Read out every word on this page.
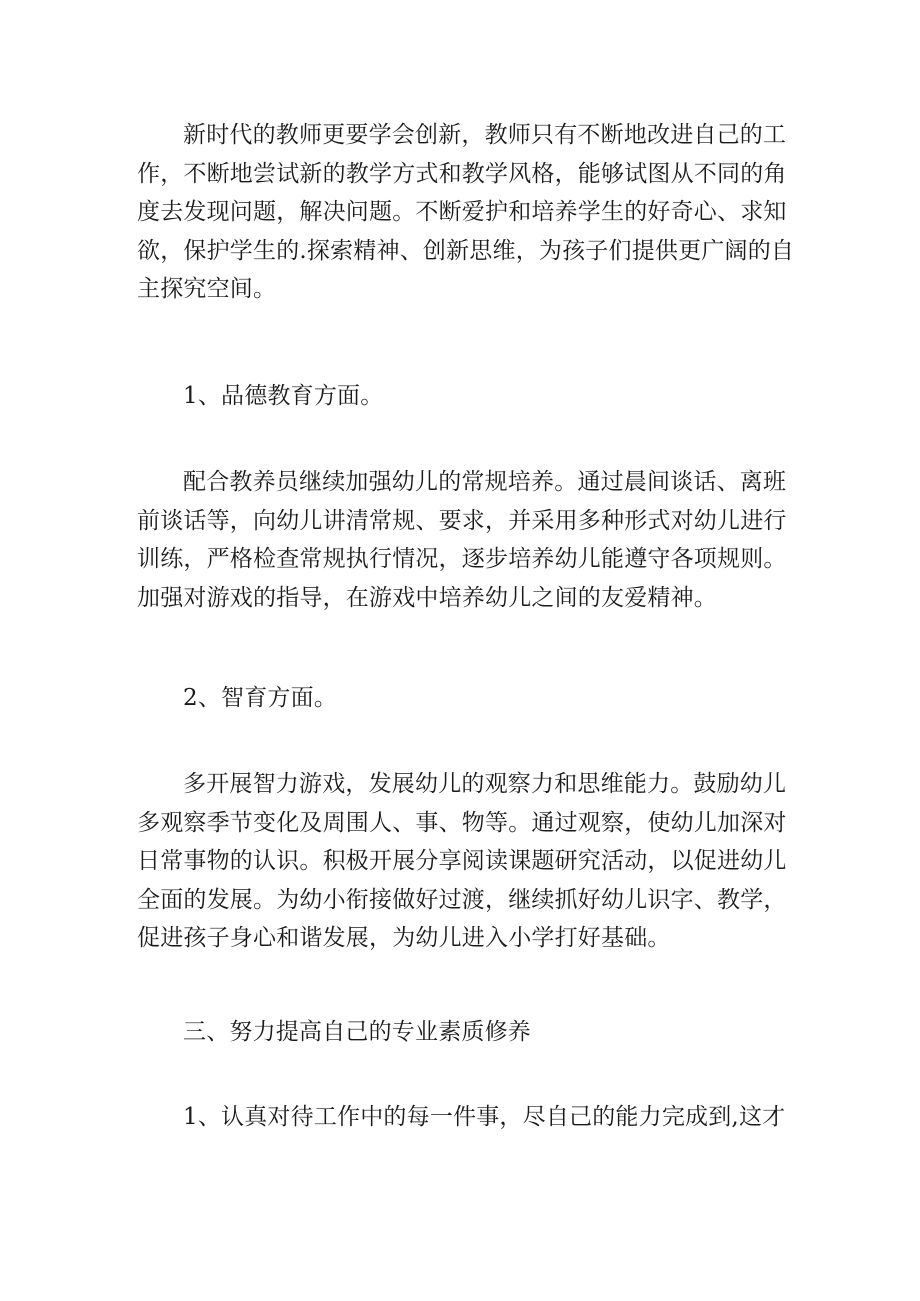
新时代的教师更要学会创新，教师只有不断地改进自己的工作，不断地尝试新的教学方式和教学风格，能够试图从不同的角度去发现问题，解决问题。不断爱护和培养学生的好奇心、求知欲，保护学生的.探索精神、创新思维，为孩子们提供更广阔的自主探究空间。

1、品德教育方面。

配合教养员继续加强幼儿的常规培养。通过晨间谈话、离班前谈话等，向幼儿讲清常规、要求，并采用多种形式对幼儿进行训练，严格检查常规执行情况，逐步培养幼儿能遵守各项规则。加强对游戏的指导，在游戏中培养幼儿之间的友爱精神。

2、智育方面。

多开展智力游戏，发展幼儿的观察力和思维能力。鼓励幼儿多观察季节变化及周围人、事、物等。通过观察，使幼儿加深对日常事物的认识。积极开展分享阅读课题研究活动，以促进幼儿全面的发展。为幼小衔接做好过渡，继续抓好幼儿识字、教学，促进孩子身心和谐发展，为幼儿进入小学打好基础。

三、努力提高自己的专业素质修养

1、认真对待工作中的每一件事，尽自己的能力完成到,这才
